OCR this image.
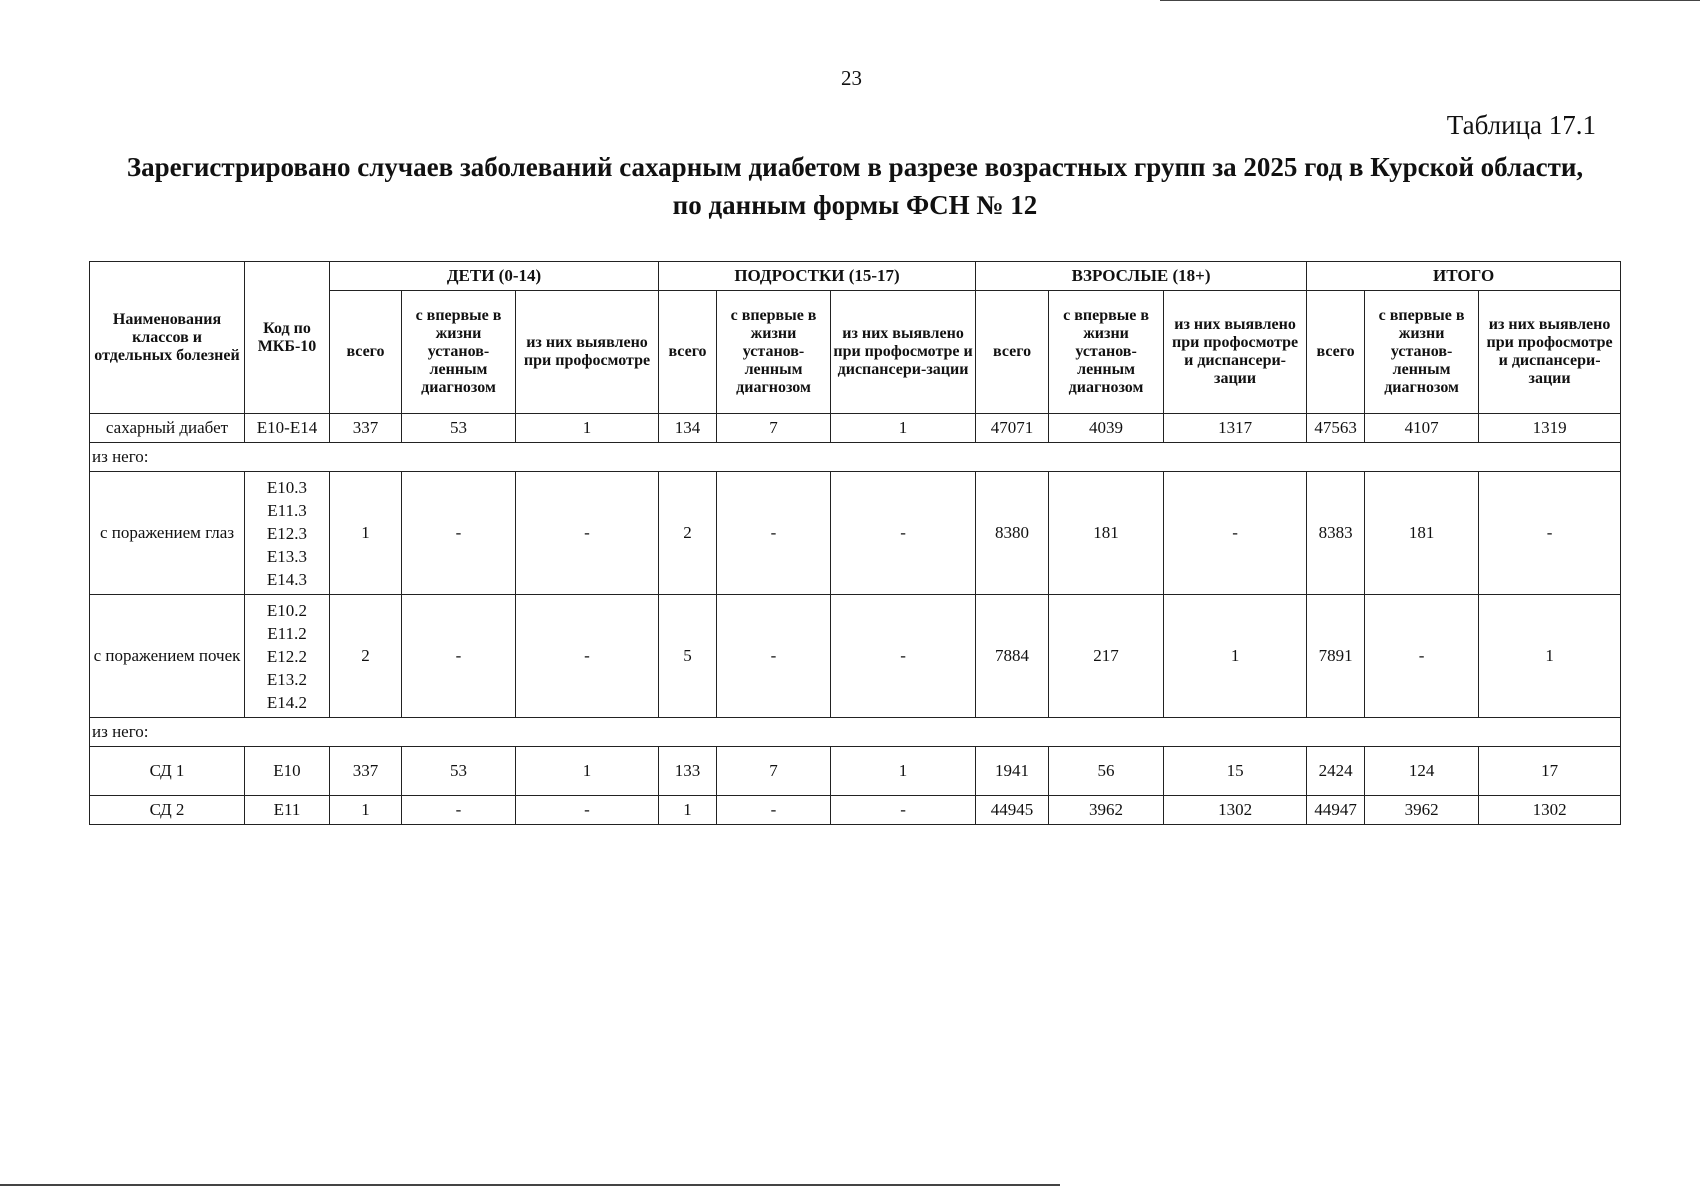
23
Таблица 17.1
Зарегистрировано случаев заболеваний сахарным диабетом в разрезе возрастных групп за 2025 год в Курской области,
по данным формы ФСН № 12
Наименования классов и отдельных болезней	Код по МКБ-10	ДЕТИ (0-14)			ПОДРОСТКИ (15-17)			ВЗРОСЛЫЕ (18+)			ИТОГО		
		всего	с впервые в жизни установ-ленным диагнозом	из них выявлено при профосмотре	всего	с впервые в жизни установ-ленным диагнозом	из них выявлено при профосмотре и диспансери-зации	всего	с впервые в жизни установ-ленным диагнозом	из них выявлено при профосмотре и диспансери-зации	всего	с впервые в жизни установ-ленным диагнозом	из них выявлено при профосмотре и диспансери-зации
сахарный диабет	E10-E14	337	53	1	134	7	1	47071	4039	1317	47563	4107	1319
из него:													
с поражением глаз	E10.3
E11.3
E12.3
E13.3
E14.3	1	-	-	2	-	-	8380	181	-	8383	181	-
с поражением почек	E10.2
E11.2
E12.2
E13.2
E14.2	2	-	-	5	-	-	7884	217	1	7891	-	1
из него:													
СД 1	E10	337	53	1	133	7	1	1941	56	15	2424	124	17
СД 2	E11	1	-	-	1	-	-	44945	3962	1302	44947	3962	1302
